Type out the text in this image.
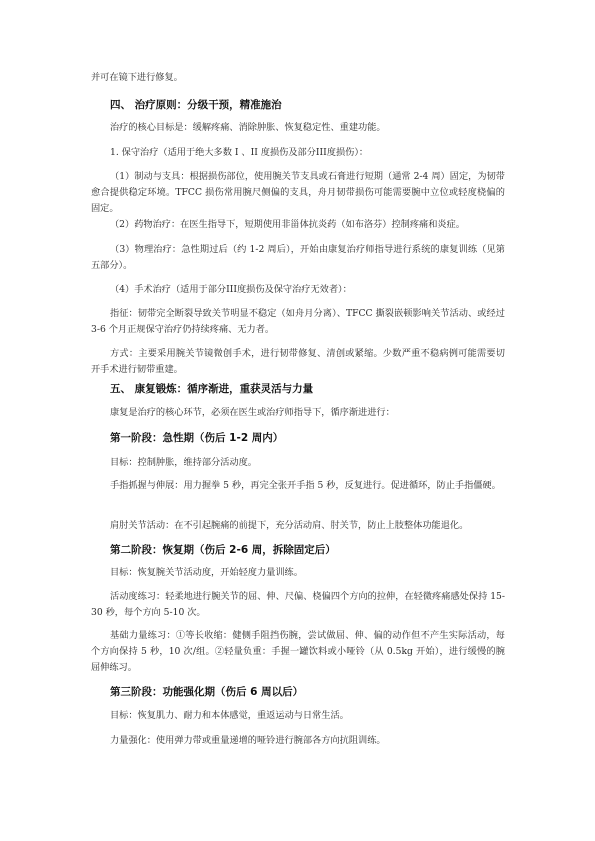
并可在镜下进行修复。

四、 治疗原则：分级干预，精准施治

治疗的核心目标是：缓解疼痛、消除肿胀、恢复稳定性、重建功能。

1. 保守治疗（适用于绝大多数 I 、II 度损伤及部分III度损伤）：

（1）制动与支具：根据损伤部位，使用腕关节支具或石膏进行短期（通常 2-4 周）固定，为韧带愈合提供稳定环境。TFCC 损伤常用腕尺侧偏的支具，舟月韧带损伤可能需要腕中立位或轻度桡偏的固定。

（2）药物治疗：在医生指导下，短期使用非甾体抗炎药（如布洛芬）控制疼痛和炎症。

（3）物理治疗：急性期过后（约 1-2 周后），开始由康复治疗师指导进行系统的康复训练（见第五部分）。

（4）手术治疗（适用于部分III度损伤及保守治疗无效者）：

指征：韧带完全断裂导致关节明显不稳定（如舟月分离）、TFCC 撕裂嵌顿影响关节活动、或经过 3-6 个月正规保守治疗仍持续疼痛、无力者。

方式：主要采用腕关节镜微创手术，进行韧带修复、清创或紧缩。少数严重不稳病例可能需要切开手术进行韧带重建。

五、 康复锻炼：循序渐进，重获灵活与力量

康复是治疗的核心环节，必须在医生或治疗师指导下，循序渐进进行：

第一阶段：急性期（伤后 1-2 周内）

目标：控制肿胀，维持部分活动度。

手指抓握与伸展：用力握拳 5 秒，再完全张开手指 5 秒，反复进行。促进循环，防止手指僵硬。

肩肘关节活动：在不引起腕痛的前提下，充分活动肩、肘关节，防止上肢整体功能退化。

第二阶段：恢复期（伤后 2-6 周，拆除固定后）

目标：恢复腕关节活动度，开始轻度力量训练。

活动度练习：轻柔地进行腕关节的屈、伸、尺偏、桡偏四个方向的拉伸，在轻微疼痛感处保持 15-30 秒，每个方向 5-10 次。

基础力量练习：①等长收缩：健侧手阻挡伤腕，尝试做屈、伸、偏的动作但不产生实际活动，每个方向保持 5 秒，10 次/组。②轻量负重：手握一罐饮料或小哑铃（从 0.5kg 开始），进行缓慢的腕屈伸练习。

第三阶段：功能强化期（伤后 6 周以后）

目标：恢复肌力、耐力和本体感觉，重返运动与日常生活。

力量强化：使用弹力带或重量递增的哑铃进行腕部各方向抗阻训练。
